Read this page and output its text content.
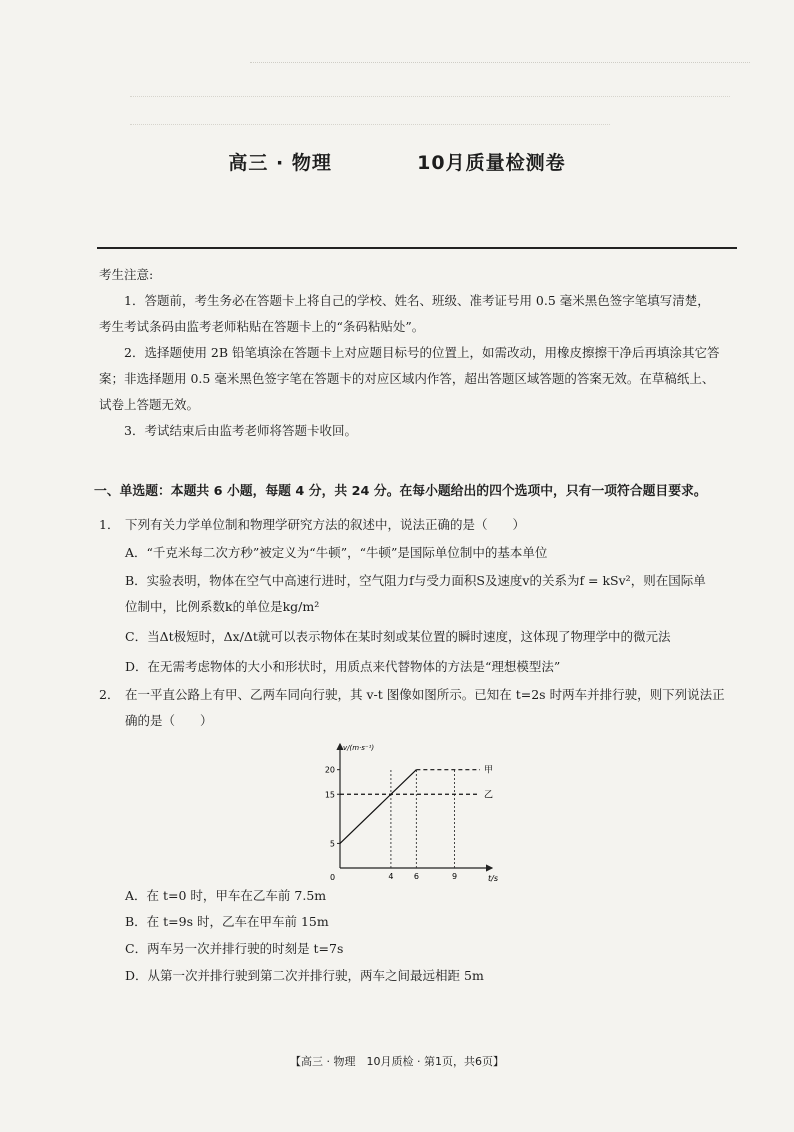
高三 · 物理	10月质量检测卷
考生注意:
1．答题前，考生务必在答题卡上将自己的学校、姓名、班级、准考证号用 0.5 毫米黑色签字笔填写清楚，
考生考试条码由监考老师粘贴在答题卡上的“条码粘贴处”。
2．选择题使用 2B 铅笔填涂在答题卡上对应题目标号的位置上，如需改动，用橡皮擦擦干净后再填涂其它答
案；非选择题用 0.5 毫米黑色签字笔在答题卡的对应区域内作答，超出答题区域答题的答案无效。在草稿纸上、
试卷上答题无效。
3．考试结束后由监考老师将答题卡收回。
一、单选题：本题共 6 小题，每题 4 分，共 24 分。在每小题给出的四个选项中，只有一项符合题目要求。
1． 下列有关力学单位制和物理学研究方法的叙述中，说法正确的是（　　）
A．“千克米每二次方秒”被定义为“牛顿”，“牛顿”是国际单位制中的基本单位
B．实验表明，物体在空气中高速行进时，空气阻力f与受力面积S及速度v的关系为f = kSv²，则在国际单
位制中，比例系数k的单位是kg/m²
C．当Δt极短时，Δx/Δt就可以表示物体在某时刻或某位置的瞬时速度，这体现了物理学中的微元法
D．在无需考虑物体的大小和形状时，用质点来代替物体的方法是“理想模型法”
2． 在一平直公路上有甲、乙两车同向行驶，其 v-t 图像如图所示。已知在 t=2s 时两车并排行驶，则下列说法正
确的是（　　）
v/(m·s⁻¹)
t/s
0
5
15
20
4	6	9
甲
乙
A．在 t=0 时，甲车在乙车前 7.5m
B．在 t=9s 时，乙车在甲车前 15m
C．两车另一次并排行驶的时刻是 t=7s
D．从第一次并排行驶到第二次并排行驶，两车之间最远相距 5m
【高三 · 物理　10月质检 · 第1页，共6页】
